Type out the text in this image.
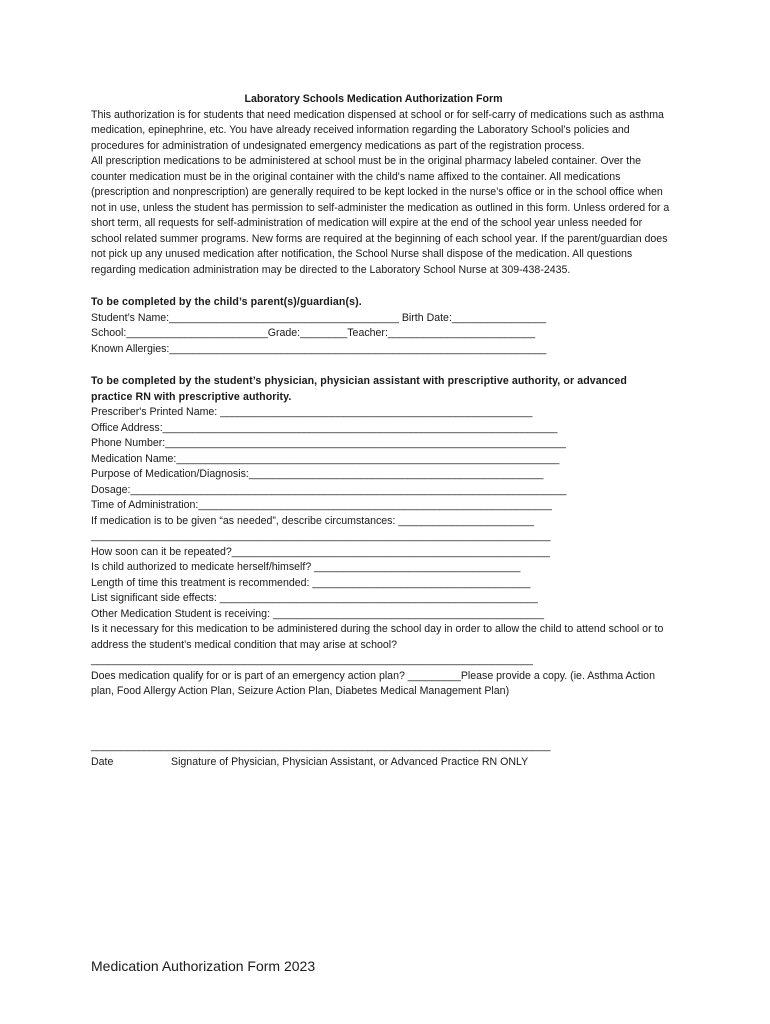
Laboratory Schools Medication Authorization Form

This authorization is for students that need medication dispensed at school or for self-carry of medications such as asthma medication, epinephrine, etc. You have already received information regarding the Laboratory School’s policies and procedures for administration of undesignated emergency medications as part of the registration process.

All prescription medications to be administered at school must be in the original pharmacy labeled container. Over the counter medication must be in the original container with the child's name affixed to the container. All medications (prescription and nonprescription) are generally required to be kept locked in the nurse’s office or in the school office when not in use, unless the student has permission to self-administer the medication as outlined in this form. Unless ordered for a short term, all requests for self-administration of medication will expire at the end of the school year unless needed for school related summer programs. New forms are required at the beginning of each school year. If the parent/guardian does not pick up any unused medication after notification, the School Nurse shall dispose of the medication. All questions regarding medication administration may be directed to the Laboratory School Nurse at 309-438-2435.

To be completed by the child’s parent(s)/guardian(s).

Student’s Name:_______________________________________ Birth Date:________________
School:________________________Grade:________Teacher:_________________________
Known Allergies:________________________________________________________________

To be completed by the student’s physician, physician assistant with prescriptive authority, or advanced practice RN with prescriptive authority.

Prescriber's Printed Name: _____________________________________________________
Office Address:___________________________________________________________________
Phone Number:____________________________________________________________________
Medication Name:_________________________________________________________________
Purpose of Medication/Diagnosis:__________________________________________________
Dosage:__________________________________________________________________________
Time of Administration:____________________________________________________________
If medication is to be given “as needed”, describe circumstances: _______________________
______________________________________________________________________________
How soon can it be repeated?______________________________________________________
Is child authorized to medicate herself/himself? ___________________________________
Length of time this treatment is recommended: _____________________________________
List significant side effects: ______________________________________________________
Other Medication Student is receiving: ______________________________________________

Is it necessary for this medication to be administered during the school day in order to allow the child to attend school or to address the student’s medical condition that may arise at school?___________________________________________________________________________

Does medication qualify for or is part of an emergency action plan? _________Please provide a copy. (ie. Asthma Action plan, Food Allergy Action Plan, Seizure Action Plan, Diabetes Medical Management Plan)

______________________________________________________________________________
Date	Signature of Physician, Physician Assistant, or Advanced Practice RN ONLY
Medication Authorization Form 2023
